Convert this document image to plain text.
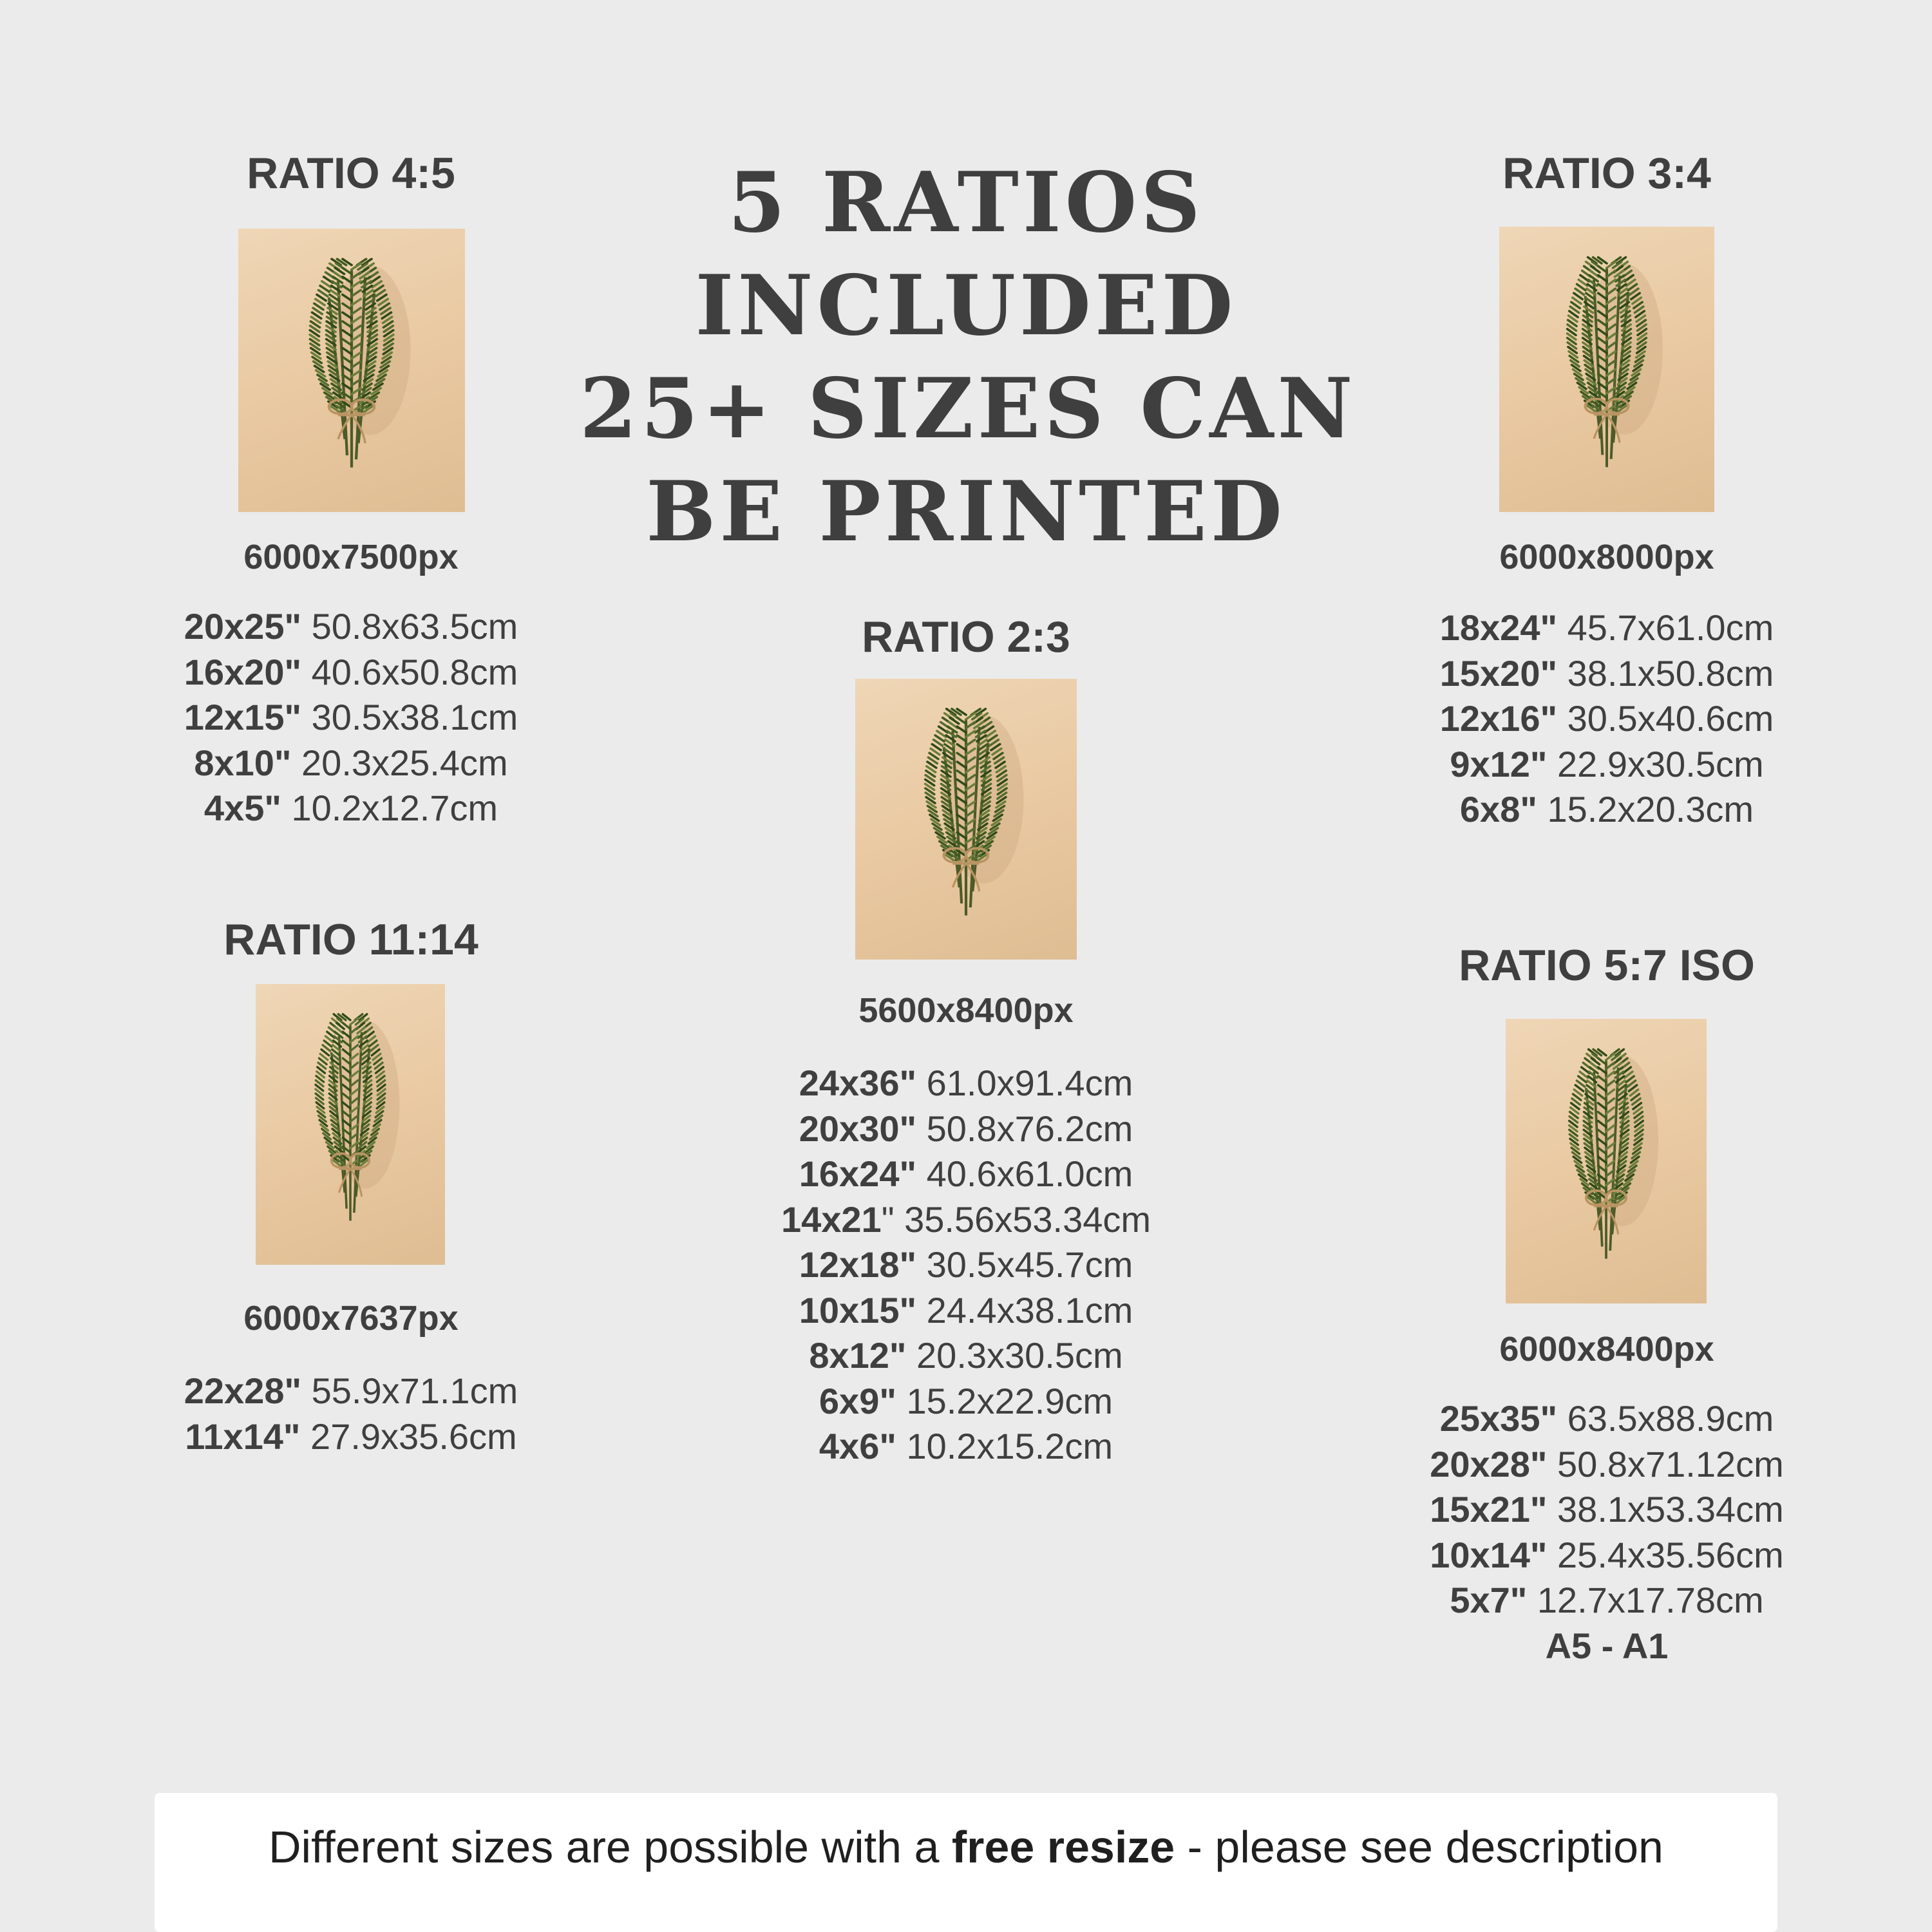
5 RATIOS
INCLUDED
25+ SIZES CAN
BE PRINTED
RATIO 4:5
6000x7500px
20x25" 50.8x63.5cm
16x20" 40.6x50.8cm
12x15" 30.5x38.1cm
8x10" 20.3x25.4cm
4x5" 10.2x12.7cm
RATIO 3:4
6000x8000px
18x24" 45.7x61.0cm
15x20" 38.1x50.8cm
12x16" 30.5x40.6cm
9x12" 22.9x30.5cm
6x8" 15.2x20.3cm
RATIO 2:3
5600x8400px
24x36" 61.0x91.4cm
20x30" 50.8x76.2cm
16x24" 40.6x61.0cm
14x21" 35.56x53.34cm
12x18" 30.5x45.7cm
10x15" 24.4x38.1cm
8x12" 20.3x30.5cm
6x9" 15.2x22.9cm
4x6" 10.2x15.2cm
RATIO 11:14
6000x7637px
22x28" 55.9x71.1cm
11x14" 27.9x35.6cm
RATIO 5:7 ISO
6000x8400px
25x35" 63.5x88.9cm
20x28" 50.8x71.12cm
15x21" 38.1x53.34cm
10x14" 25.4x35.56cm
5x7" 12.7x17.78cm
A5 - A1
Different sizes are possible with a free resize - please see description
